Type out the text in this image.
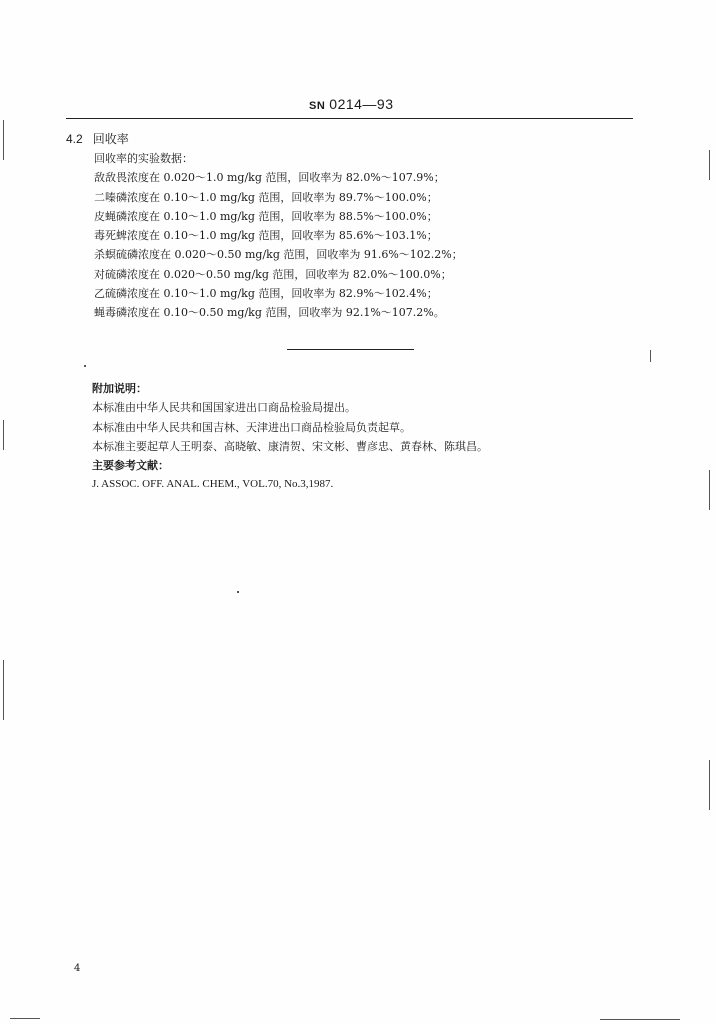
SN 0214—93
4.2 回收率
回收率的实验数据：
敌敌畏浓度在 0.020～1.0 mg/kg 范围，回收率为 82.0%～107.9%；
二嗪磷浓度在 0.10～1.0 mg/kg 范围，回收率为 89.7%～100.0%；
皮蝇磷浓度在 0.10～1.0 mg/kg 范围，回收率为 88.5%～100.0%；
毒死蜱浓度在 0.10～1.0 mg/kg 范围，回收率为 85.6%～103.1%；
杀螟硫磷浓度在 0.020～0.50 mg/kg 范围，回收率为 91.6%～102.2%；
对硫磷浓度在 0.020～0.50 mg/kg 范围，回收率为 82.0%～100.0%；
乙硫磷浓度在 0.10～1.0 mg/kg 范围，回收率为 82.9%～102.4%；
蝇毒磷浓度在 0.10～0.50 mg/kg 范围，回收率为 92.1%～107.2%。
附加说明：
本标准由中华人民共和国国家进出口商品检验局提出。
本标准由中华人民共和国吉林、天津进出口商品检验局负责起草。
本标准主要起草人王明泰、高晓敏、康清贺、宋文彬、曹彦忠、黄春林、陈琪昌。
主要参考文献：
J. ASSOC. OFF. ANAL. CHEM., VOL.70, No.3,1987.
4
